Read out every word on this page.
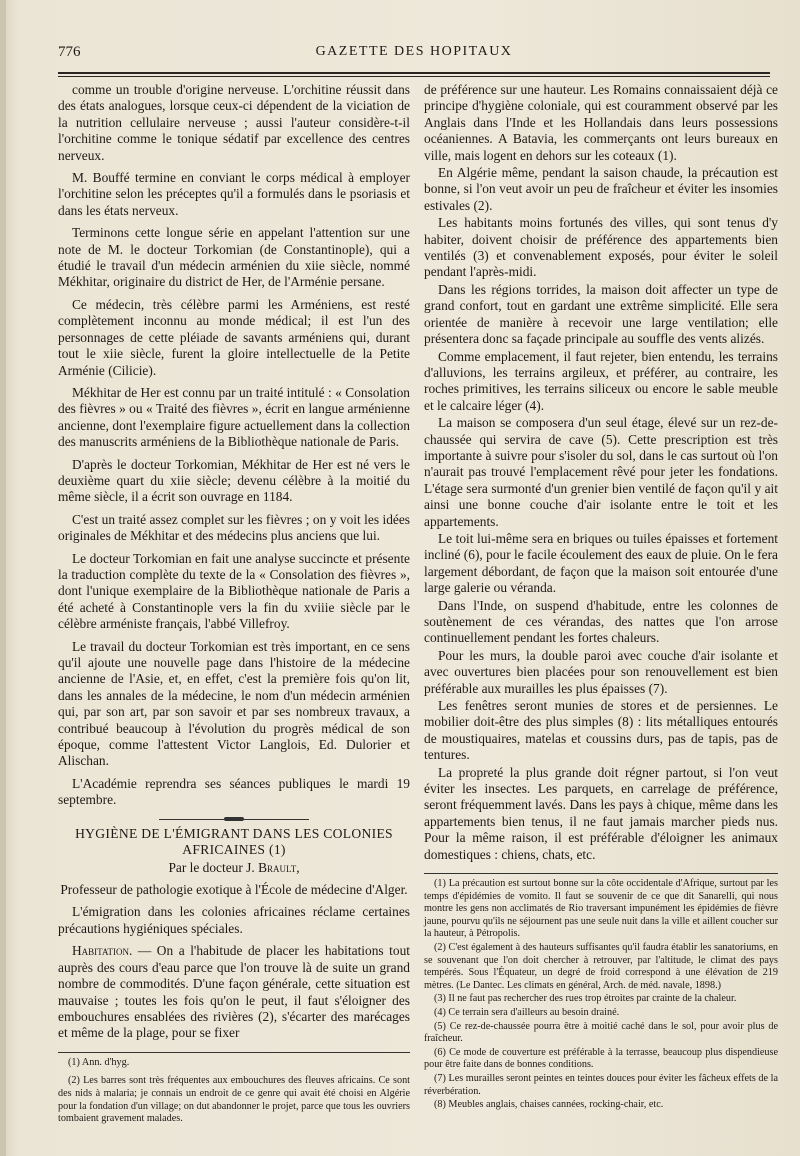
776	GAZETTE DES HOPITAUX

comme un trouble d'origine nerveuse. L'orchitine réussit dans des états analogues, lorsque ceux-ci dépendent de la viciation de la nutrition cellulaire nerveuse ; aussi l'auteur considère-t-il l'orchitine comme le tonique sédatif par excellence des centres nerveux.

M. Bouffé termine en conviant le corps médical à employer l'orchitine selon les préceptes qu'il a formulés dans le psoriasis et dans les états nerveux.

Terminons cette longue série en appelant l'attention sur une note de M. le docteur Torkomian (de Constantinople), qui a étudié le travail d'un médecin arménien du xiie siècle, nommé Mékhitar, originaire du district de Her, de l'Arménie persane.

Ce médecin, très célèbre parmi les Arméniens, est resté complètement inconnu au monde médical; il est l'un des personnages de cette pléiade de savants arméniens qui, durant tout le xiie siècle, furent la gloire intellectuelle de la Petite Arménie (Cilicie).

Mékhitar de Her est connu par un traité intitulé : « Consolation des fièvres » ou « Traité des fièvres », écrit en langue arménienne ancienne, dont l'exemplaire figure actuellement dans la collection des manuscrits arméniens de la Bibliothèque nationale de Paris.

D'après le docteur Torkomian, Mékhitar de Her est né vers le deuxième quart du xiie siècle; devenu célèbre à la moitié du même siècle, il a écrit son ouvrage en 1184.

C'est un traité assez complet sur les fièvres ; on y voit les idées originales de Mékhitar et des médecins plus anciens que lui.

Le docteur Torkomian en fait une analyse succincte et présente la traduction complète du texte de la « Consolation des fièvres », dont l'unique exemplaire de la Bibliothèque nationale de Paris a été acheté à Constantinople vers la fin du xviiie siècle par le célèbre arméniste français, l'abbé Villefroy.

Le travail du docteur Torkomian est très important, en ce sens qu'il ajoute une nouvelle page dans l'histoire de la médecine ancienne de l'Asie, et, en effet, c'est la première fois qu'on lit, dans les annales de la médecine, le nom d'un médecin arménien qui, par son art, par son savoir et par ses nombreux travaux, a contribué beaucoup à l'évolution du progrès médical de son époque, comme l'attestent Victor Langlois, Ed. Dulorier et Alischan.

L'Académie reprendra ses séances publiques le mardi 19 septembre.

HYGIÈNE DE L'ÉMIGRANT DANS LES COLONIES AFRICAINES (1)

Par le docteur J. Brault,

Professeur de pathologie exotique à l'École de médecine d'Alger.

L'émigration dans les colonies africaines réclame certaines précautions hygiéniques spéciales.

Habitation. — On a l'habitude de placer les habitations tout auprès des cours d'eau parce que l'on trouve là de suite un grand nombre de commodités. D'une façon générale, cette situation est mauvaise ; toutes les fois qu'on le peut, il faut s'éloigner des embouchures ensablées des rivières (2), s'écarter des marécages et même de la plage, pour se fixer

(1) Ann. d'hyg.

(2) Les barres sont très fréquentes aux embouchures des fleuves africains. Ce sont des nids à malaria; je connais un endroit de ce genre qui avait été choisi en Algérie pour la fondation d'un village; on dut abandonner le projet, parce que tous les ouvriers tombaient gravement malades.

de préférence sur une hauteur. Les Romains connaissaient déjà ce principe d'hygiène coloniale, qui est couramment observé par les Anglais dans l'Inde et les Hollandais dans leurs possessions océaniennes. A Batavia, les commerçants ont leurs bureaux en ville, mais logent en dehors sur les coteaux (1).

En Algérie même, pendant la saison chaude, la précaution est bonne, si l'on veut avoir un peu de fraîcheur et éviter les insomies estivales (2).

Les habitants moins fortunés des villes, qui sont tenus d'y habiter, doivent choisir de préférence des appartements bien ventilés (3) et convenablement exposés, pour éviter le soleil pendant l'après-midi.

Dans les régions torrides, la maison doit affecter un type de grand confort, tout en gardant une extrême simplicité. Elle sera orientée de manière à recevoir une large ventilation; elle présentera donc sa façade principale au souffle des vents alizés.

Comme emplacement, il faut rejeter, bien entendu, les terrains d'alluvions, les terrains argileux, et préférer, au contraire, les roches primitives, les terrains siliceux ou encore le sable meuble et le calcaire léger (4).

La maison se composera d'un seul étage, élevé sur un rez-de-chaussée qui servira de cave (5). Cette prescription est très importante à suivre pour s'isoler du sol, dans le cas surtout où l'on n'aurait pas trouvé l'emplacement rêvé pour jeter les fondations. L'étage sera surmonté d'un grenier bien ventilé de façon qu'il y ait ainsi une bonne couche d'air isolante entre le toit et les appartements.

Le toit lui-même sera en briques ou tuiles épaisses et fortement incliné (6), pour le facile écoulement des eaux de pluie. On le fera largement débordant, de façon que la maison soit entourée d'une large galerie ou véranda.

Dans l'Inde, on suspend d'habitude, entre les colonnes de soutènement de ces vérandas, des nattes que l'on arrose continuellement pendant les fortes chaleurs.

Pour les murs, la double paroi avec couche d'air isolante et avec ouvertures bien placées pour son renouvellement est bien préférable aux murailles les plus épaisses (7).

Les fenêtres seront munies de stores et de persiennes. Le mobilier doit-être des plus simples (8) : lits métalliques entourés de moustiquaires, matelas et coussins durs, pas de tapis, pas de tentures.

La propreté la plus grande doit régner partout, si l'on veut éviter les insectes. Les parquets, en carrelage de préférence, seront fréquemment lavés. Dans les pays à chique, même dans les appartements bien tenus, il ne faut jamais marcher pieds nus. Pour la même raison, il est préférable d'éloigner les animaux domestiques : chiens, chats, etc.

(1) La précaution est surtout bonne sur la côte occidentale d'Afrique, surtout par les temps d'épidémies de vomito. Il faut se souvenir de ce que dit Sanarelli, qui nous montre les gens non acclimatés de Rio traversant impunément les épidémies de fièvre jaune, pourvu qu'ils ne séjournent pas une seule nuit dans la ville et aillent coucher sur la hauteur, à Pétropolis.

(2) C'est également à des hauteurs suffisantes qu'il faudra établir les sanatoriums, en se souvenant que l'on doit chercher à retrouver, par l'altitude, le climat des pays tempérés. Sous l'Équateur, un degré de froid correspond à une élévation de 219 mètres. (Le Dantec. Les climats en général, Arch. de méd. navale, 1898.)

(3) Il ne faut pas rechercher des rues trop étroites par crainte de la chaleur.

(4) Ce terrain sera d'ailleurs au besoin drainé.

(5) Ce rez-de-chaussée pourra être à moitié caché dans le sol, pour avoir plus de fraîcheur.

(6) Ce mode de couverture est préférable à la terrasse, beaucoup plus dispendieuse pour être faite dans de bonnes conditions.

(7) Les murailles seront peintes en teintes douces pour éviter les fâcheux effets de la réverbération.

(8) Meubles anglais, chaises cannées, rocking-chair, etc.
